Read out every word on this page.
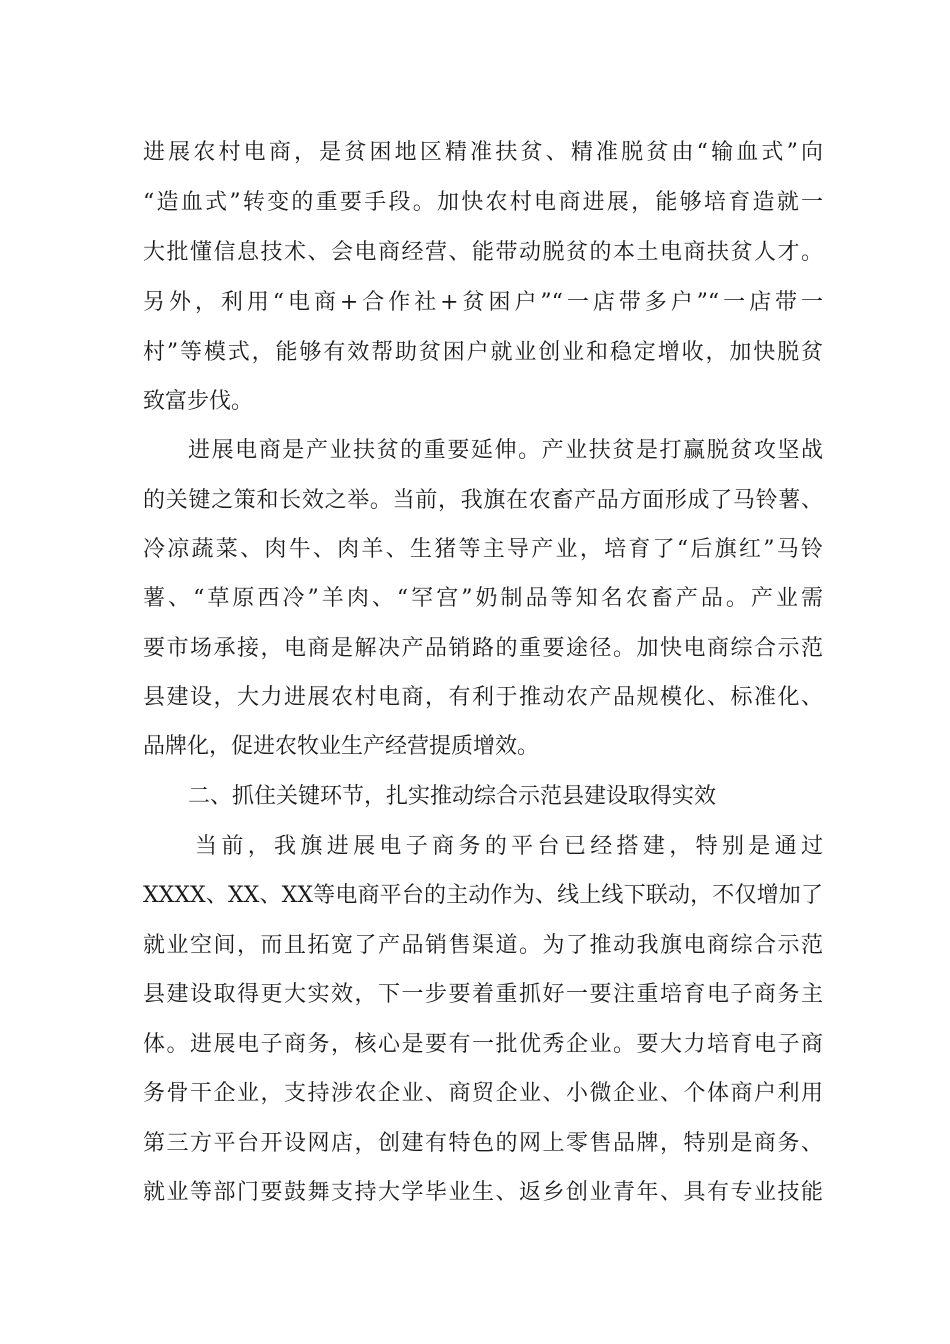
进展农村电商，是贫困地区精准扶贫、精准脱贫由“输血式”向
“造血式”转变的重要手段。加快农村电商进展，能够培育造就一
大批懂信息技术、会电商经营、能带动脱贫的本土电商扶贫人才。
另外，利用“电商+合作社+贫困户”“一店带多户”“一店带一
村”等模式，能够有效帮助贫困户就业创业和稳定增收，加快脱贫
致富步伐。
进展电商是产业扶贫的重要延伸。产业扶贫是打赢脱贫攻坚战
的关键之策和长效之举。当前，我旗在农畜产品方面形成了马铃薯、
冷凉蔬菜、肉牛、肉羊、生猪等主导产业，培育了“后旗红”马铃
薯、“草原西冷”羊肉、“罕宫”奶制品等知名农畜产品。产业需
要市场承接，电商是解决产品销路的重要途径。加快电商综合示范
县建设，大力进展农村电商，有利于推动农产品规模化、标准化、
品牌化，促进农牧业生产经营提质增效。
二、抓住关键环节，扎实推动综合示范县建设取得实效
当前，我旗进展电子商务的平台已经搭建，特别是通过
XXXX、XX、XX等电商平台的主动作为、线上线下联动，不仅增加了
就业空间，而且拓宽了产品销售渠道。为了推动我旗电商综合示范
县建设取得更大实效，下一步要着重抓好一要注重培育电子商务主
体。进展电子商务，核心是要有一批优秀企业。要大力培育电子商
务骨干企业，支持涉农企业、商贸企业、小微企业、个体商户利用
第三方平台开设网店，创建有特色的网上零售品牌，特别是商务、
就业等部门要鼓舞支持大学毕业生、返乡创业青年、具有专业技能
